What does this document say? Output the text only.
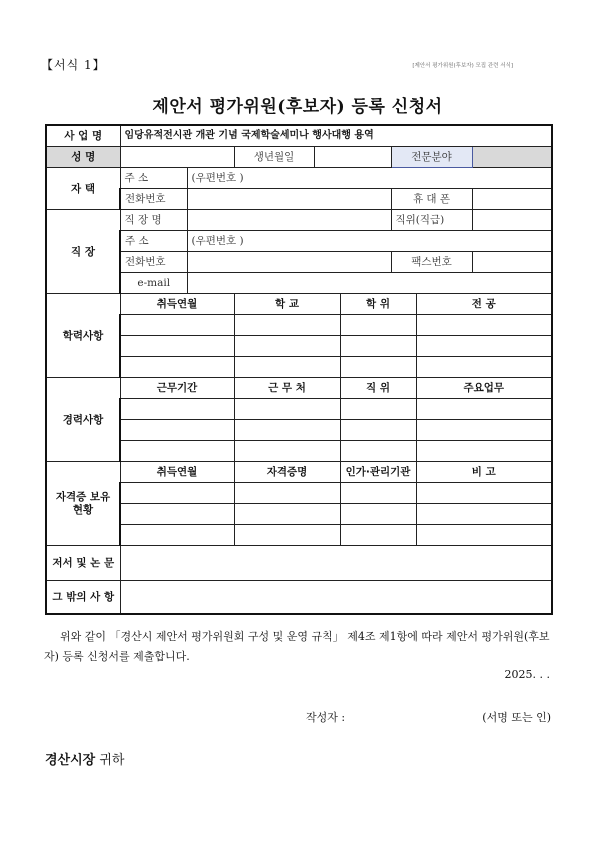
【서식 1】	[제안서 평가위원(후보자) 모집 관련 서식]
제안서 평가위원(후보자) 등록 신청서
사 업 명	임당유적전시관 개관 기념 국제학술세미나 행사대행 용역							
성 명			생년월일			전문분야		
자 택	주 소	(우편번호 )						
	전화번호					휴 대 폰		
직 장	직 장 명					직위(직급)		
	주 소	(우편번호 )						
	전화번호					팩스번호		
	e-mail							
학력사항	취득연월		학 교		학 위		전 공	

경력사항	근무기간		근 무 처		직 위		주요업무	

자격증 보유현황	취득연월		자격증명		인가·관리기관		비 고	

저서 및 논 문								
그 밖의 사 항								
위와 같이 「경산시 제안서 평가위원회 구성 및 운영 규칙」 제4조 제1항에 따라 제안서 평가위원(후보자) 등록 신청서를 제출합니다.
2025. . .
작성자 :	(서명 또는 인)
경산시장 귀하
